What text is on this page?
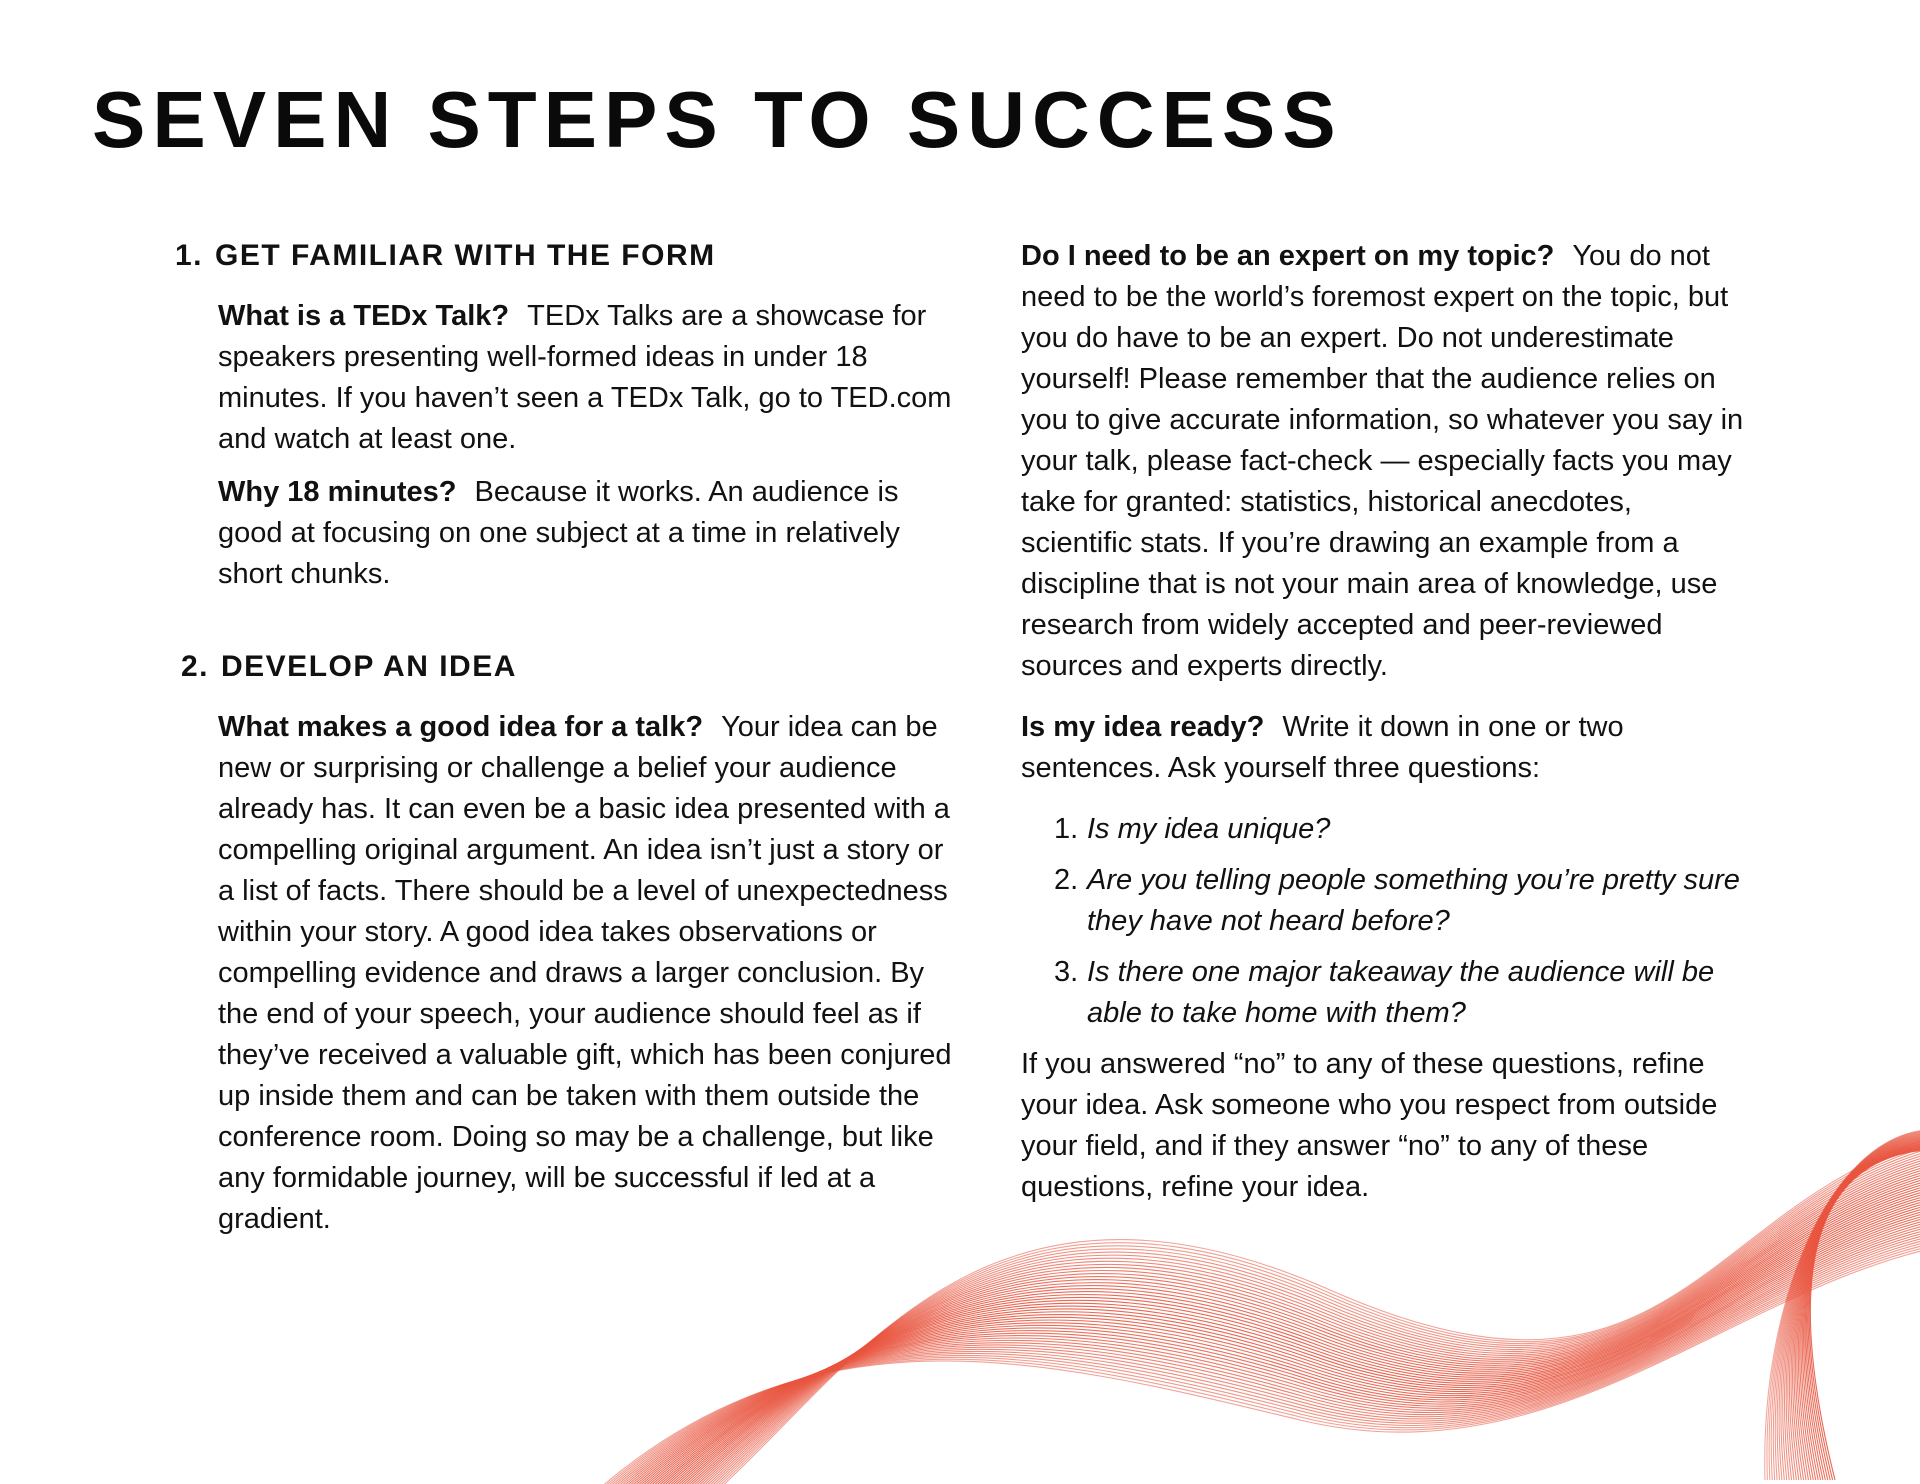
SEVEN STEPS TO SUCCESS
1. GET FAMILIAR WITH THE FORM

What is a TEDx Talk? TEDx Talks are a showcase for speakers presenting well-formed ideas in under 18 minutes. If you haven’t seen a TEDx Talk, go to TED.com and watch at least one.

Why 18 minutes? Because it works. An audience is good at focusing on one subject at a time in relatively short chunks.

2. DEVELOP AN IDEA

What makes a good idea for a talk? Your idea can be new or surprising or challenge a belief your audience already has. It can even be a basic idea presented with a compelling original argument. An idea isn’t just a story or a list of facts. There should be a level of unexpectedness within your story. A good idea takes observations or compelling evidence and draws a larger conclusion. By the end of your speech, your audience should feel as if they’ve received a valuable gift, which has been conjured up inside them and can be taken with them outside the conference room. Doing so may be a challenge, but like any formidable journey, will be successful if led at a gradient.

Do I need to be an expert on my topic? You do not need to be the world’s foremost expert on the topic, but you do have to be an expert. Do not underestimate yourself! Please remember that the audience relies on you to give accurate information, so whatever you say in your talk, please fact-check — especially facts you may take for granted: statistics, historical anecdotes, scientific stats. If you’re drawing an example from a discipline that is not your main area of knowledge, use research from widely accepted and peer-reviewed sources and experts directly.

Is my idea ready? Write it down in one or two sentences. Ask yourself three questions:

1. Is my idea unique?
2. Are you telling people something you’re pretty sure they have not heard before?
3. Is there one major takeaway the audience will be able to take home with them?

If you answered “no” to any of these questions, refine your idea. Ask someone who you respect from outside your field, and if they answer “no” to any of these questions, refine your idea.
